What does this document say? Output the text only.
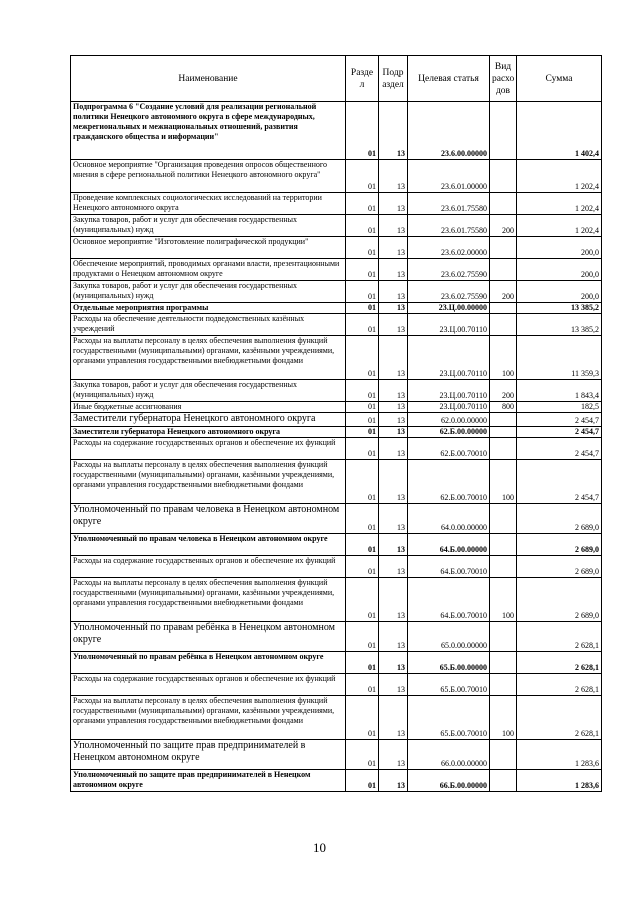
Наименование	Разде л	Подр аздел	Целевая статья	Вид расхо дов	Сумма
Подпрограмма 6 "Создание условий для реализации региональной политики Ненецкого автономного округа в сфере международных, межрегиональных и межнациональных отношений, развития гражданского общества и информации"	01	13	23.6.00.00000		1 402,4
Основное мероприятие "Организация проведения опросов общественного мнения в сфере региональной политики Ненецкого автономного округа"	01	13	23.6.01.00000		1 202,4
Проведение комплексных социологических исследований на территории Ненецкого автономного округа	01	13	23.6.01.75580		1 202,4
Закупка товаров, работ и услуг для обеспечения государственных (муниципальных) нужд	01	13	23.6.01.75580	200	1 202,4
Основное мероприятие "Изготовление полиграфической продукции"	01	13	23.6.02.00000		200,0
Обеспечение мероприятий, проводимых органами власти, презентационными продуктами о Ненецком автономном округе	01	13	23.6.02.75590		200,0
Закупка товаров, работ и услуг для обеспечения государственных (муниципальных) нужд	01	13	23.6.02.75590	200	200,0
Отдельные мероприятия программы	01	13	23.Ц.00.00000		13 385,2
Расходы на обеспечение деятельности подведомственных казённых учреждений	01	13	23.Ц.00.70110		13 385,2
Расходы на выплаты персоналу в целях обеспечения выполнения функций государственными (муниципальными) органами, казёнными учреждениями, органами управления государственными внебюджетными фондами	01	13	23.Ц.00.70110	100	11 359,3
Закупка товаров, работ и услуг для обеспечения государственных (муниципальных) нужд	01	13	23.Ц.00.70110	200	1 843,4
Иные бюджетные ассигнования	01	13	23.Ц.00.70110	800	182,5
Заместители губернатора Ненецкого автономного округа	01	13	62.0.00.00000		2 454,7
Заместители губернатора Ненецкого автономного округа	01	13	62.Б.00.00000		2 454,7
Расходы на содержание государственных органов и обеспечение их функций	01	13	62.Б.00.70010		2 454,7
Расходы на выплаты персоналу в целях обеспечения выполнения функций государственными (муниципальными) органами, казёнными учреждениями, органами управления государственными внебюджетными фондами	01	13	62.Б.00.70010	100	2 454,7
Уполномоченный по правам человека в Ненецком автономном округе	01	13	64.0.00.00000		2 689,0
Уполномоченный по правам человека в Ненецком автономном округе	01	13	64.Б.00.00000		2 689,0
Расходы на содержание государственных органов и обеспечение их функций	01	13	64.Б.00.70010		2 689,0
Расходы на выплаты персоналу в целях обеспечения выполнения функций государственными (муниципальными) органами, казёнными учреждениями, органами управления государственными внебюджетными фондами	01	13	64.Б.00.70010	100	2 689,0
Уполномоченный по правам ребёнка в Ненецком автономном округе	01	13	65.0.00.00000		2 628,1
Уполномоченный по правам ребёнка в Ненецком автономном округе	01	13	65.Б.00.00000		2 628,1
Расходы на содержание государственных органов и обеспечение их функций	01	13	65.Б.00.70010		2 628,1
Расходы на выплаты персоналу в целях обеспечения выполнения функций государственными (муниципальными) органами, казёнными учреждениями, органами управления государственными внебюджетными фондами	01	13	65.Б.00.70010	100	2 628,1
Уполномоченный по защите прав предпринимателей в Ненецком автономном округе	01	13	66.0.00.00000		1 283,6
Уполномоченный по защите прав предпринимателей в Ненецком автономном округе	01	13	66.Б.00.00000		1 283,6
10
